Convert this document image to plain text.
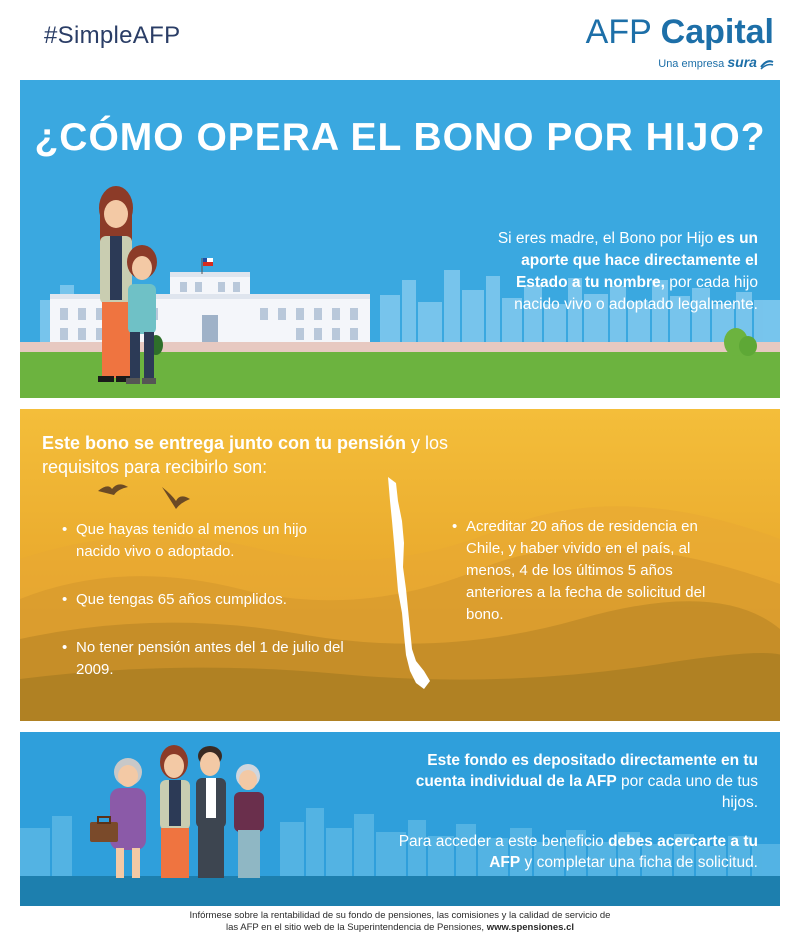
#SimpleAFP	AFP Capital
Una empresa sura
¿CÓMO OPERA EL BONO POR HIJO?
Si eres madre, el Bono por Hijo es un aporte que hace directamente el Estado a tu nombre, por cada hijo nacido vivo o adoptado legalmente.
Este bono se entrega junto con tu pensión y los requisitos para recibirlo son:
• Que hayas tenido al menos un hijo nacido vivo o adoptado.
• Que tengas 65 años cumplidos.
• No tener pensión antes del 1 de julio del 2009.
• Acreditar 20 años de residencia en Chile, y haber vivido en el país, al menos, 4 de los últimos 5 años anteriores a la fecha de solicitud del bono.
Este fondo es depositado directamente en tu cuenta individual de la AFP por cada uno de tus hijos.
Para acceder a este beneficio debes acercarte a tu AFP y completar una ficha de solicitud.
Infórmese sobre la rentabilidad de su fondo de pensiones, las comisiones y la calidad de servicio de
las AFP en el sitio web de la Superintendencia de Pensiones, www.spensiones.cl
